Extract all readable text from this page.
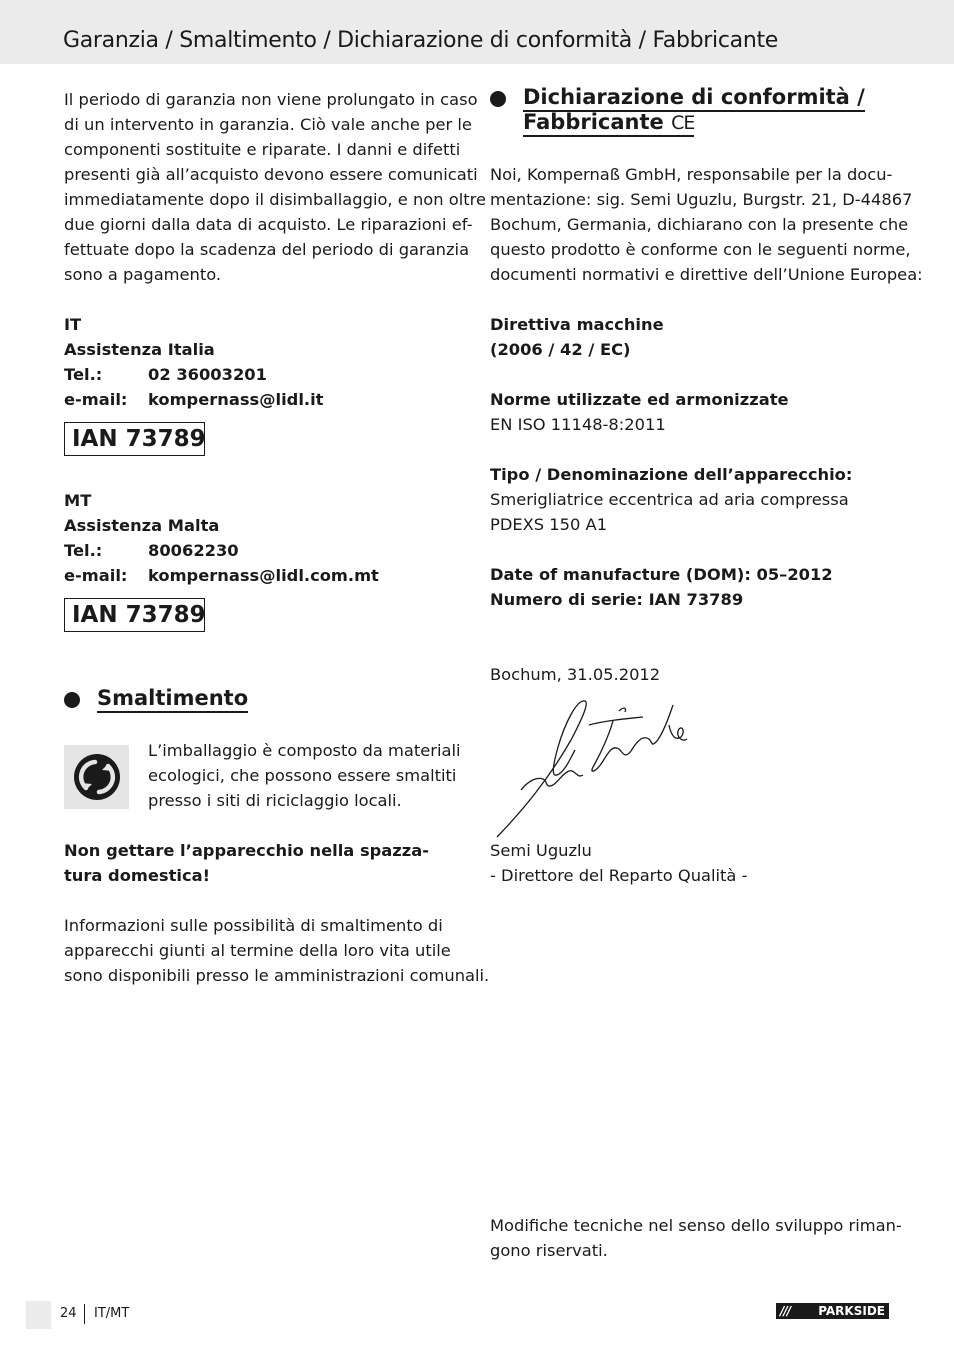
Garanzia / Smaltimento / Dichiarazione di conformità / Fabbricante
Il periodo di garanzia non viene prolungato in caso
di un intervento in garanzia. Ciò vale anche per le
componenti sostituite e riparate. I danni e difetti
presenti già all’acquisto devono essere comunicati
immediatamente dopo il disimballaggio, e non oltre
due giorni dalla data di acquisto. Le riparazioni ef-
fettuate dopo la scadenza del periodo di garanzia
sono a pagamento.
IT
Assistenza Italia
Tel.:	02 36003201
e-mail:	kompernass@lidl.it
IAN 73789
MT
Assistenza Malta
Tel.:	80062230
e-mail:	kompernass@lidl.com.mt
IAN 73789
Smaltimento
L’imballaggio è composto da materiali
ecologici, che possono essere smaltiti
presso i siti di riciclaggio locali.
Non gettare l’apparecchio nella spazza-
tura domestica!
Informazioni sulle possibilità di smaltimento di
apparecchi giunti al termine della loro vita utile
sono disponibili presso le amministrazioni comunali.
Dichiarazione di conformità /
Fabbricante CE
Noi, Kompernaß GmbH, responsabile per la docu-
mentazione: sig. Semi Uguzlu, Burgstr. 21, D-44867
Bochum, Germania, dichiarano con la presente che
questo prodotto è conforme con le seguenti norme,
documenti normativi e direttive dell’Unione Europea:
Direttiva macchine
(2006 / 42 / EC)
Norme utilizzate ed armonizzate
EN ISO 11148-8:2011
Tipo / Denominazione dell’apparecchio:
Smerigliatrice eccentrica ad aria compressa
PDEXS 150 A1
Date of manufacture (DOM): 05–2012
Numero di serie: IAN 73789
Bochum, 31.05.2012
Semi Uguzlu
- Direttore del Reparto Qualità -
Modifiche tecniche nel senso dello sviluppo riman-
gono riservati.
24 IT/MT	/// PARKSIDE
